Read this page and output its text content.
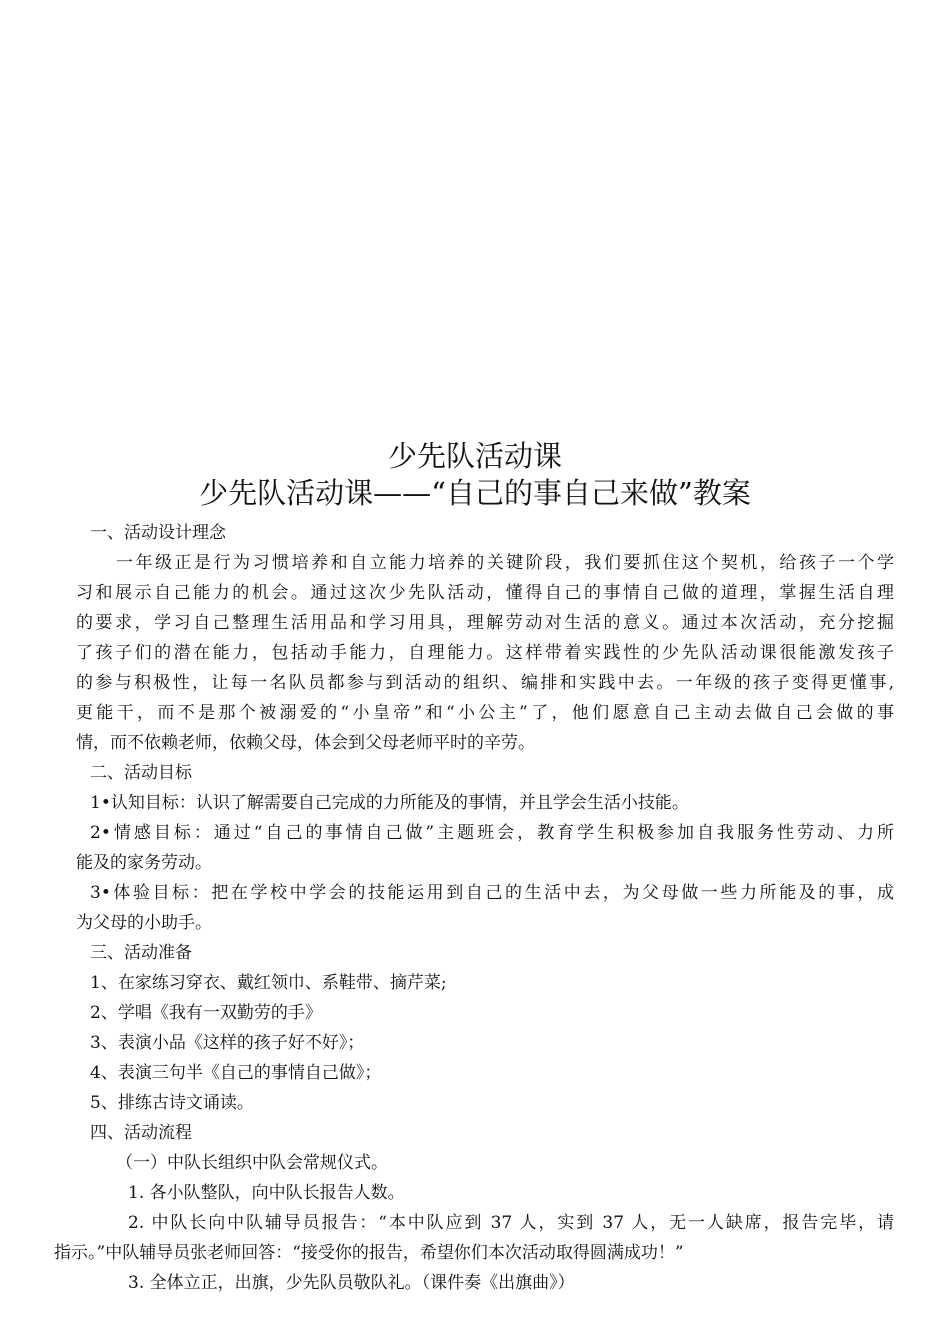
少先队活动课
少先队活动课——“自己的事自己来做”教案
一、活动设计理念
一年级正是行为习惯培养和自立能力培养的关键阶段，我们要抓住这个契机，给孩子一个学
习和展示自己能力的机会。通过这次少先队活动，懂得自己的事情自己做的道理，掌握生活自理
的要求，学习自己整理生活用品和学习用具，理解劳动对生活的意义。通过本次活动，充分挖掘
了孩子们的潜在能力，包括动手能力，自理能力。这样带着实践性的少先队活动课很能激发孩子
的参与积极性，让每一名队员都参与到活动的组织、编排和实践中去。一年级的孩子变得更懂事,
更能干，而不是那个被溺爱的“小皇帝”和“小公主”了，他们愿意自己主动去做自己会做的事
情，而不依赖老师，依赖父母，体会到父母老师平时的辛劳。
二、活动目标
1•认知目标：认识了解需要自己完成的力所能及的事情，并且学会生活小技能。
2•情感目标：通过“自己的事情自己做”主题班会，教育学生积极参加自我服务性劳动、力所
能及的家务劳动。
3•体验目标：把在学校中学会的技能运用到自己的生活中去，为父母做一些力所能及的事，成
为父母的小助手。
三、活动准备
1、在家练习穿衣、戴红领巾、系鞋带、摘芹菜;
2、学唱《我有一双勤劳的手》
3、表演小品《这样的孩子好不好》；
4、表演三句半《自己的事情自己做》；
5、排练古诗文诵读。
四、活动流程
（一）中队长组织中队会常规仪式。
1. 各小队整队，向中队长报告人数。
2. 中队长向中队辅导员报告：“本中队应到 37 人，实到 37 人，无一人缺席，报告完毕，请
指示。”中队辅导员张老师回答：“接受你的报告，希望你们本次活动取得圆满成功！”
3. 全体立正，出旗，少先队员敬队礼。（课件奏《出旗曲》）
